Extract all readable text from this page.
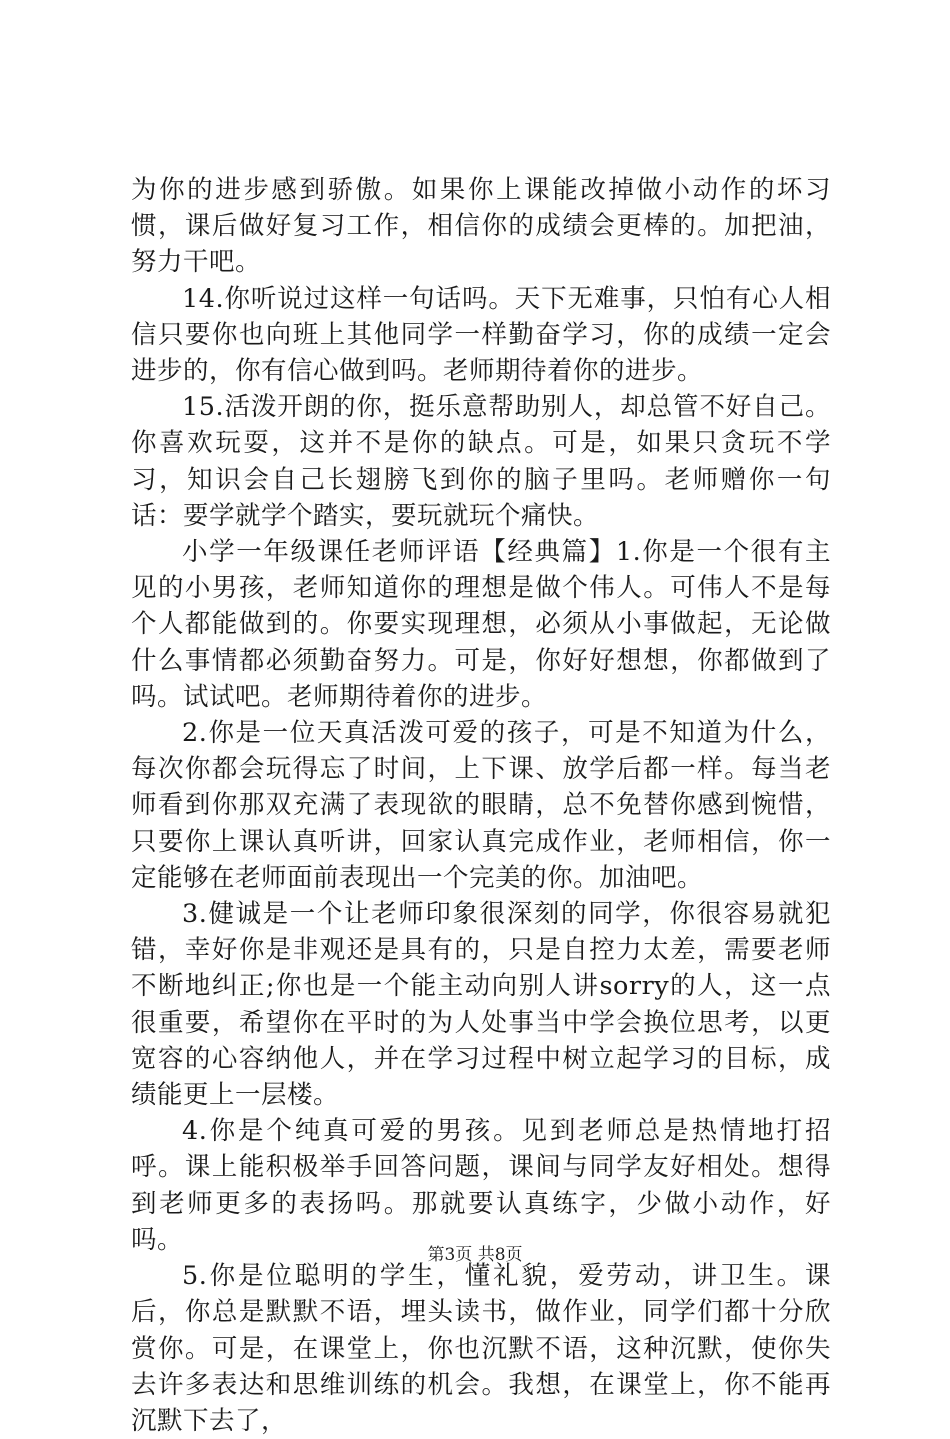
为你的进步感到骄傲。如果你上课能改掉做小动作的坏习惯，课后做好复习工作，相信你的成绩会更棒的。加把油，努力干吧。

14.你听说过这样一句话吗。天下无难事，只怕有心人相信只要你也向班上其他同学一样勤奋学习，你的成绩一定会进步的，你有信心做到吗。老师期待着你的进步。

15.活泼开朗的你，挺乐意帮助别人，却总管不好自己。你喜欢玩耍，这并不是你的缺点。可是，如果只贪玩不学习，知识会自己长翅膀飞到你的脑子里吗。老师赠你一句话：要学就学个踏实，要玩就玩个痛快。

小学一年级课任老师评语【经典篇】1.你是一个很有主见的小男孩，老师知道你的理想是做个伟人。可伟人不是每个人都能做到的。你要实现理想，必须从小事做起，无论做什么事情都必须勤奋努力。可是，你好好想想，你都做到了吗。试试吧。老师期待着你的进步。

2.你是一位天真活泼可爱的孩子，可是不知道为什么，每次你都会玩得忘了时间，上下课、放学后都一样。每当老师看到你那双充满了表现欲的眼睛，总不免替你感到惋惜，只要你上课认真听讲，回家认真完成作业，老师相信，你一定能够在老师面前表现出一个完美的你。加油吧。

3.健诚是一个让老师印象很深刻的同学，你很容易就犯错，幸好你是非观还是具有的，只是自控力太差，需要老师不断地纠正;你也是一个能主动向别人讲sorry的人，这一点很重要，希望你在平时的为人处事当中学会换位思考，以更宽容的心容纳他人，并在学习过程中树立起学习的目标，成绩能更上一层楼。

4.你是个纯真可爱的男孩。见到老师总是热情地打招呼。课上能积极举手回答问题，课间与同学友好相处。想得到老师更多的表扬吗。那就要认真练字，少做小动作，好吗。

5.你是位聪明的学生，懂礼貌，爱劳动，讲卫生。课后，你总是默默不语，埋头读书，做作业，同学们都十分欣赏你。可是，在课堂上，你也沉默不语，这种沉默，使你失去许多表达和思维训练的机会。我想，在课堂上，你不能再沉默下去了，

第3页 共8页
